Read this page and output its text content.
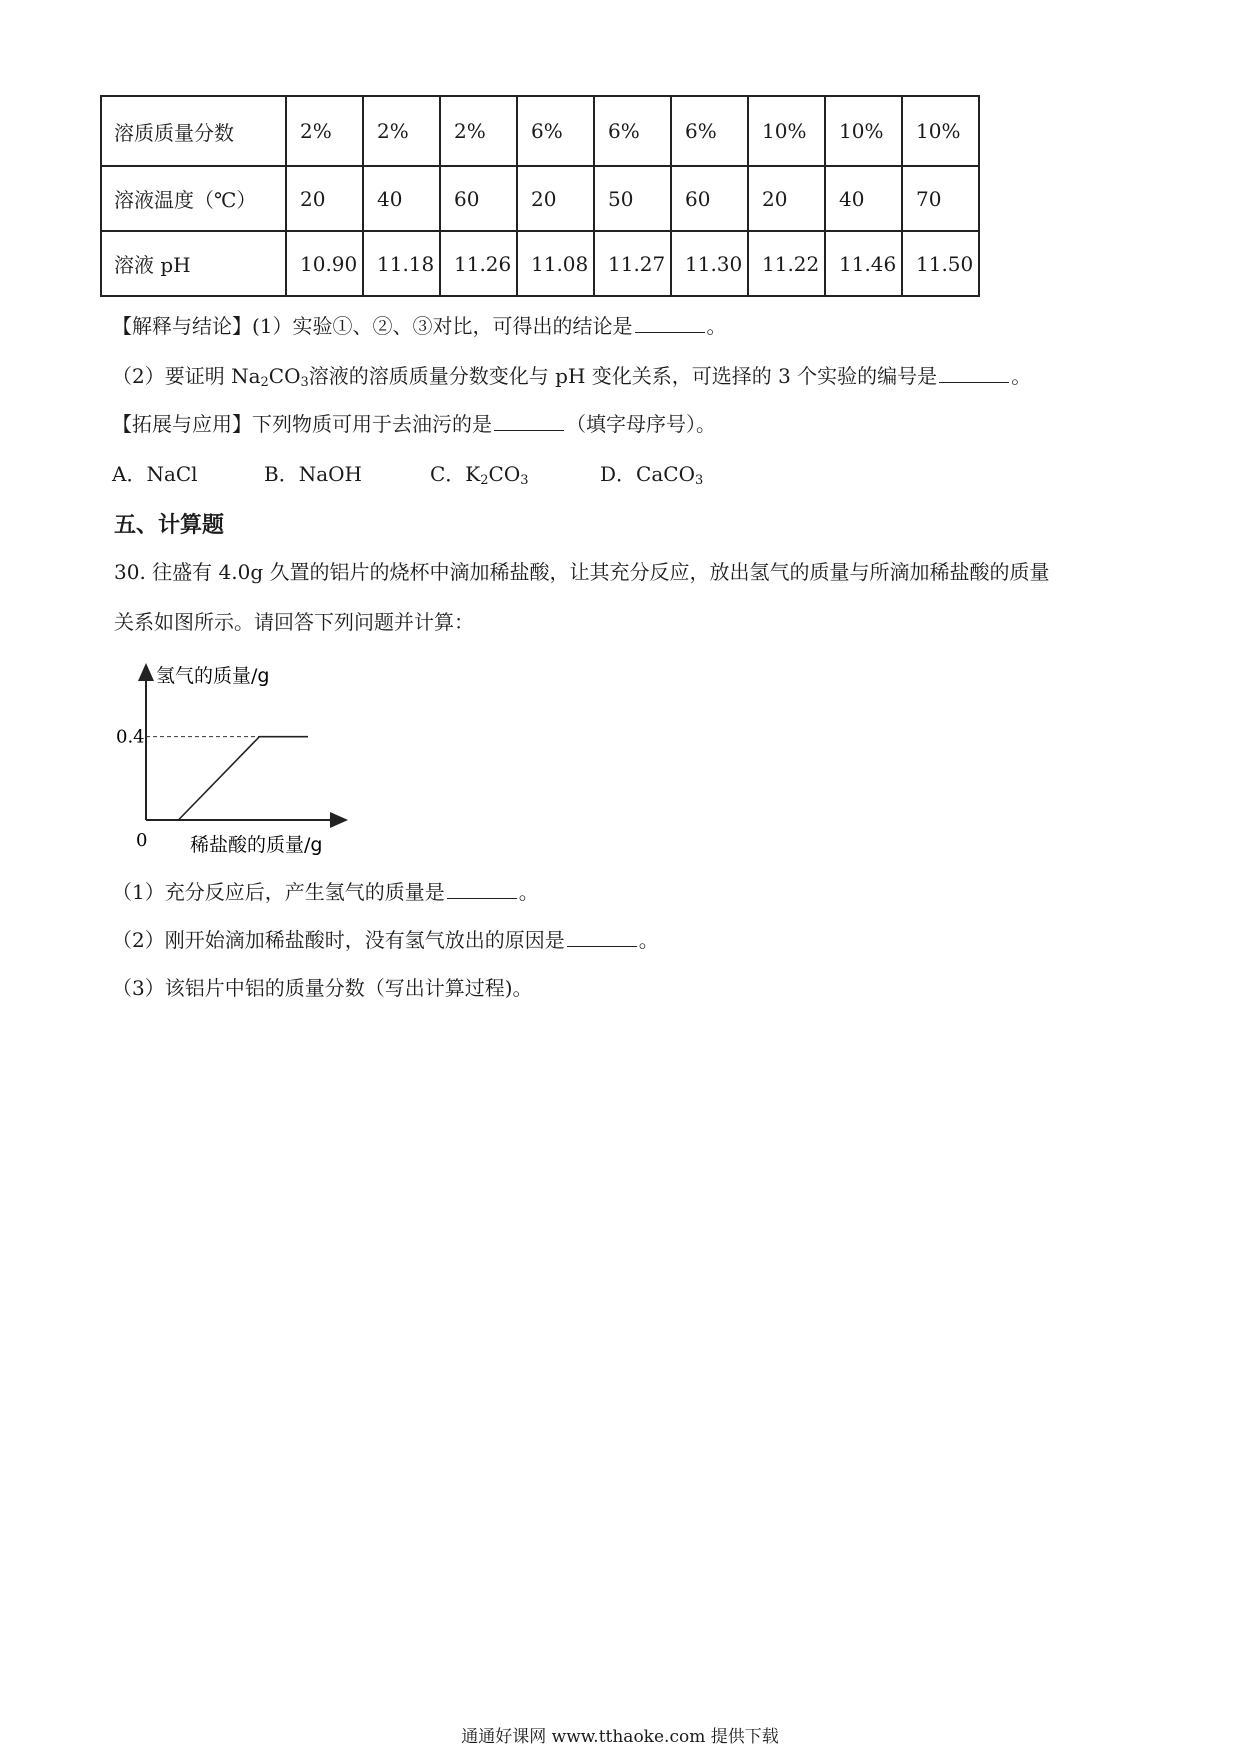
溶质质量分数	2%	2%	2%	6%	6%	6%	10%	10%	10%
溶液温度（℃）	20	40	60	20	50	60	20	40	70
溶液 pH	10.90	11.18	11.26	11.08	11.27	11.30	11.22	11.46	11.50
【解释与结论】(1）实验①、②、③对比，可得出的结论是	。
（2）要证明 $Na_2CO_3$溶液的溶质质量分数变化与 pH 变化关系，可选择的 3 个实验的编号是	。
【拓展与应用】下列物质可用于去油污的是	（填字母序号）。
A．NaCl	B．NaOH	C．$K_2CO_3$	D．CaCO$_3$
五、计算题
30. 往盛有 4.0g 久置的铝片的烧杯中滴加稀盐酸，让其充分反应，放出氢气的质量与所滴加稀盐酸的质量
关系如图所示。请回答下列问题并计算：
氢气的质量/g
0.4
0 稀盐酸的质量/g
（1）充分反应后，产生氢气的质量是	。
（2）刚开始滴加稀盐酸时，没有氢气放出的原因是	。
（3）该铝片中铝的质量分数（写出计算过程)。
通通好课网 www.tthaoke.com 提供下载
